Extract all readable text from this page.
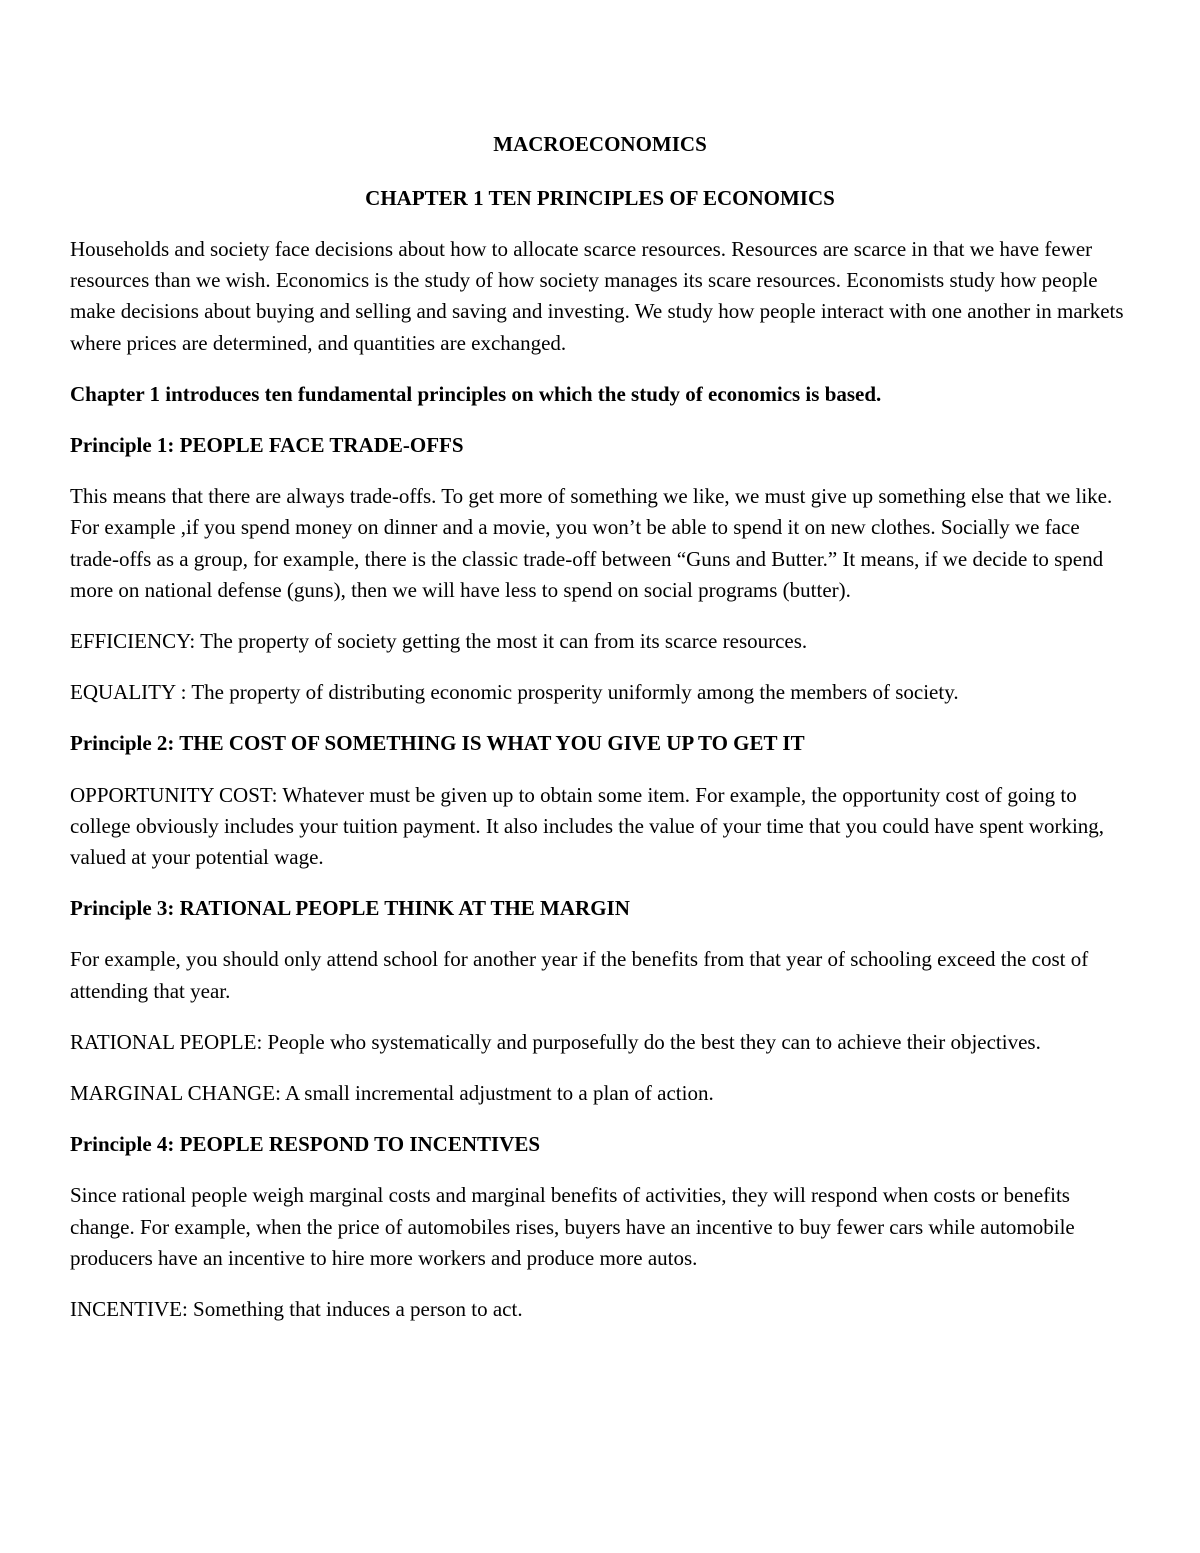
MACROECONOMICS
CHAPTER 1 TEN PRINCIPLES OF ECONOMICS

Households and society face decisions about how to allocate scarce resources. Resources are scarce in that we have fewer resources than we wish. Economics is the study of how society manages its scare resources. Economists study how people make decisions about buying and selling and saving and investing. We study how people interact with one another in markets where prices are determined, and quantities are exchanged.

Chapter 1 introduces ten fundamental principles on which the study of economics is based.

Principle 1: PEOPLE FACE TRADE-OFFS

This means that there are always trade-offs. To get more of something we like, we must give up something else that we like. For example ,if you spend money on dinner and a movie, you won’t be able to spend it on new clothes. Socially we face trade-offs as a group, for example, there is the classic trade-off between “Guns and Butter.” It means, if we decide to spend more on national defense (guns), then we will have less to spend on social programs (butter).

EFFICIENCY: The property of society getting the most it can from its scarce resources.

EQUALITY : The property of distributing economic prosperity uniformly among the members of society.

Principle 2: THE COST OF SOMETHING IS WHAT YOU GIVE UP TO GET IT

OPPORTUNITY COST: Whatever must be given up to obtain some item. For example, the opportunity cost of going to college obviously includes your tuition payment. It also includes the value of your time that you could have spent working, valued at your potential wage.

Principle 3: RATIONAL PEOPLE THINK AT THE MARGIN

For example, you should only attend school for another year if the benefits from that year of schooling exceed the cost of attending that year.

RATIONAL PEOPLE: People who systematically and purposefully do the best they can to achieve their objectives.

MARGINAL CHANGE: A small incremental adjustment to a plan of action.

Principle 4: PEOPLE RESPOND TO INCENTIVES

Since rational people weigh marginal costs and marginal benefits of activities, they will respond when costs or benefits change. For example, when the price of automobiles rises, buyers have an incentive to buy fewer cars while automobile producers have an incentive to hire more workers and produce more autos.

INCENTIVE: Something that induces a person to act.
